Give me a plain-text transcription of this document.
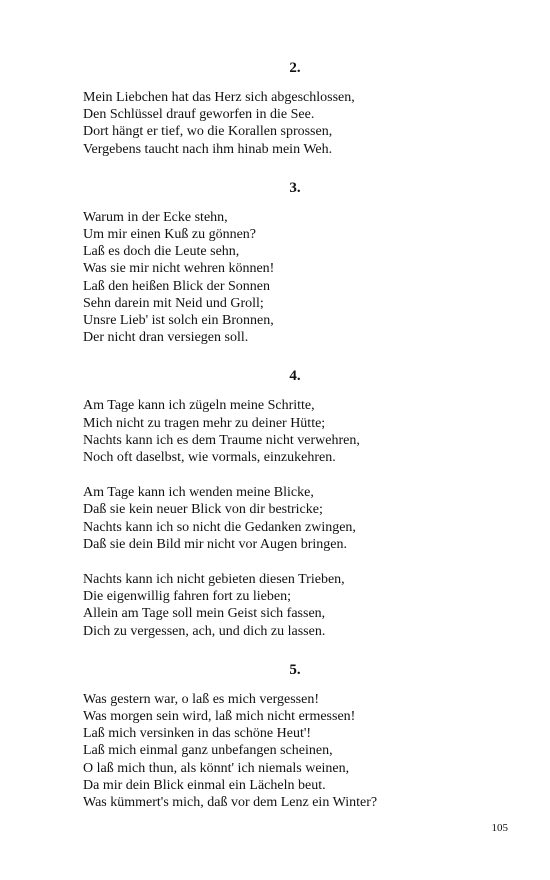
2.
Mein Liebchen hat das Herz sich abgeschlossen,
Den Schlüssel drauf geworfen in die See.
Dort hängt er tief, wo die Korallen sprossen,
Vergebens taucht nach ihm hinab mein Weh.
3.
Warum in der Ecke stehn,
Um mir einen Kuß zu gönnen?
Laß es doch die Leute sehn,
Was sie mir nicht wehren können!
Laß den heißen Blick der Sonnen
Sehn darein mit Neid und Groll;
Unsre Lieb' ist solch ein Bronnen,
Der nicht dran versiegen soll.
4.
Am Tage kann ich zügeln meine Schritte,
Mich nicht zu tragen mehr zu deiner Hütte;
Nachts kann ich es dem Traume nicht verwehren,
Noch oft daselbst, wie vormals, einzukehren.
Am Tage kann ich wenden meine Blicke,
Daß sie kein neuer Blick von dir bestricke;
Nachts kann ich so nicht die Gedanken zwingen,
Daß sie dein Bild mir nicht vor Augen bringen.
Nachts kann ich nicht gebieten diesen Trieben,
Die eigenwillig fahren fort zu lieben;
Allein am Tage soll mein Geist sich fassen,
Dich zu vergessen, ach, und dich zu lassen.
5.
Was gestern war, o laß es mich vergessen!
Was morgen sein wird, laß mich nicht ermessen!
Laß mich versinken in das schöne Heut'!
Laß mich einmal ganz unbefangen scheinen,
O laß mich thun, als könnt' ich niemals weinen,
Da mir dein Blick einmal ein Lächeln beut.
Was kümmert's mich, daß vor dem Lenz ein Winter?
105
